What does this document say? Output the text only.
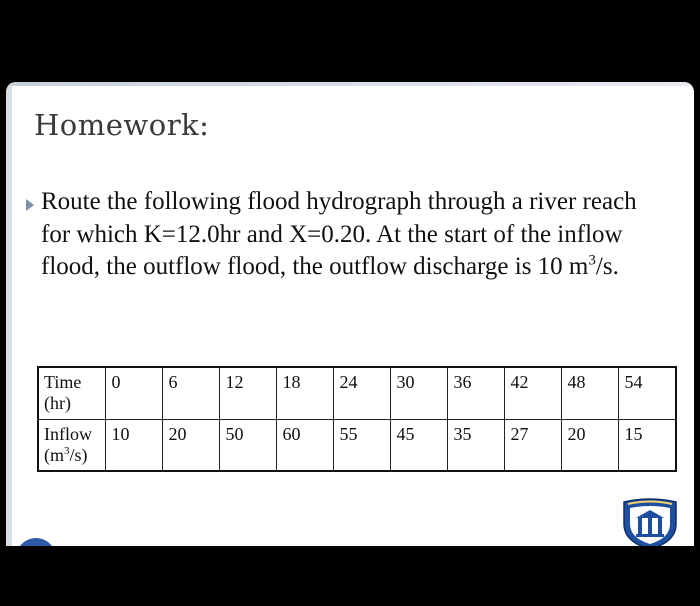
Homework:
Route the following flood hydrograph through a river reach for which K=12.0hr and X=0.20. At the start of the inflow flood, the outflow flood, the outflow discharge is 10 $m^3/s$.
Time
(hr)	0	6	12	18	24	30	36	42	48	54
Inflow
$(m^3/s)$	10	20	50	60	55	45	35	27	20	15
